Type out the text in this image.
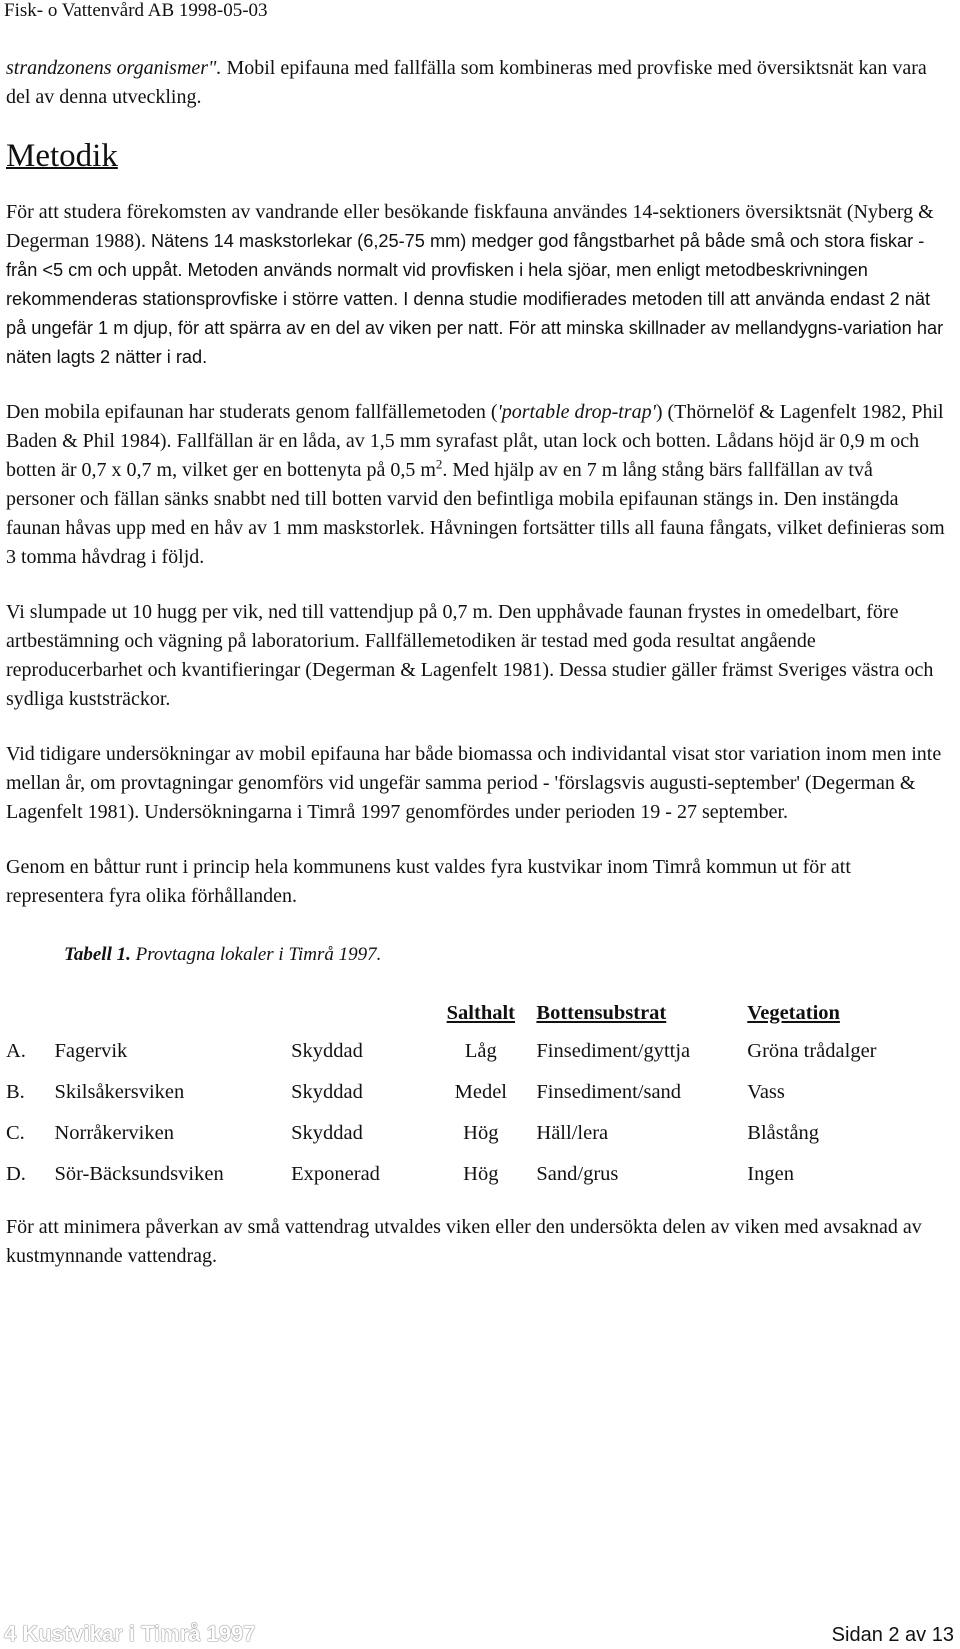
Fisk- o Vattenvård AB 1998-05-03

strandzonens organismer". Mobil epifauna med fallfälla som kombineras med provfiske med översiktsnät kan vara del av denna utveckling.

Metodik

För att studera förekomsten av vandrande eller besökande fiskfauna användes 14-sektioners översiktsnät (Nyberg & Degerman 1988). Nätens 14 maskstorlekar (6,25-75 mm) medger god fångstbarhet på både små och stora fiskar - från <5 cm och uppåt. Metoden används normalt vid provfisken i hela sjöar, men enligt metodbeskrivningen rekommenderas stationsprovfiske i större vatten. I denna studie modifierades metoden till att använda endast 2 nät på ungefär 1 m djup, för att spärra av en del av viken per natt. För att minska skillnader av mellandygns-variation har näten lagts 2 nätter i rad.

Den mobila epifaunan har studerats genom fallfällemetoden ('portable drop-trap') (Thörnelöf & Lagenfelt 1982, Phil Baden & Phil 1984). Fallfällan är en låda, av 1,5 mm syrafast plåt, utan lock och botten. Lådans höjd är 0,9 m och botten är 0,7 x 0,7 m, vilket ger en bottenyta på 0,5 $m^2$. Med hjälp av en 7 m lång stång bärs fallfällan av två personer och fällan sänks snabbt ned till botten varvid den befintliga mobila epifaunan stängs in. Den instängda faunan håvas upp med en håv av 1 mm maskstorlek. Håvningen fortsätter tills all fauna fångats, vilket definieras som 3 tomma håvdrag i följd.

Vi slumpade ut 10 hugg per vik, ned till vattendjup på 0,7 m. Den upphåvade faunan frystes in omedelbart, före artbestämning och vägning på laboratorium. Fallfällemetodiken är testad med goda resultat angående reproducerbarhet och kvantifieringar (Degerman & Lagenfelt 1981). Dessa studier gäller främst Sveriges västra och sydliga kuststräckor.

Vid tidigare undersökningar av mobil epifauna har både biomassa och individantal visat stor variation inom men inte mellan år, om provtagningar genomförs vid ungefär samma period - 'förslagsvis augusti-september' (Degerman & Lagenfelt 1981). Undersökningarna i Timrå 1997 genomfördes under perioden 19 - 27 september.

Genom en båttur runt i princip hela kommunens kust valdes fyra kustvikar inom Timrå kommun ut för att representera fyra olika förhållanden.

Tabell 1. Provtagna lokaler i Timrå 1997.

			Salthalt	Bottensubstrat	Vegetation
A.	Fagervik	Skyddad	Låg	Finsediment/gyttja	Gröna trådalger
B.	Skilsåkersviken	Skyddad	Medel	Finsediment/sand	Vass
C.	Norråkerviken	Skyddad	Hög	Häll/lera	Blåstång
D.	Sör-Bäcksundsviken	Exponerad	Hög	Sand/grus	Ingen

För att minimera påverkan av små vattendrag utvaldes viken eller den undersökta delen av viken med avsaknad av kustmynnande vattendrag.

4 Kustvikar i Timrå 1997	Sidan 2 av 13
